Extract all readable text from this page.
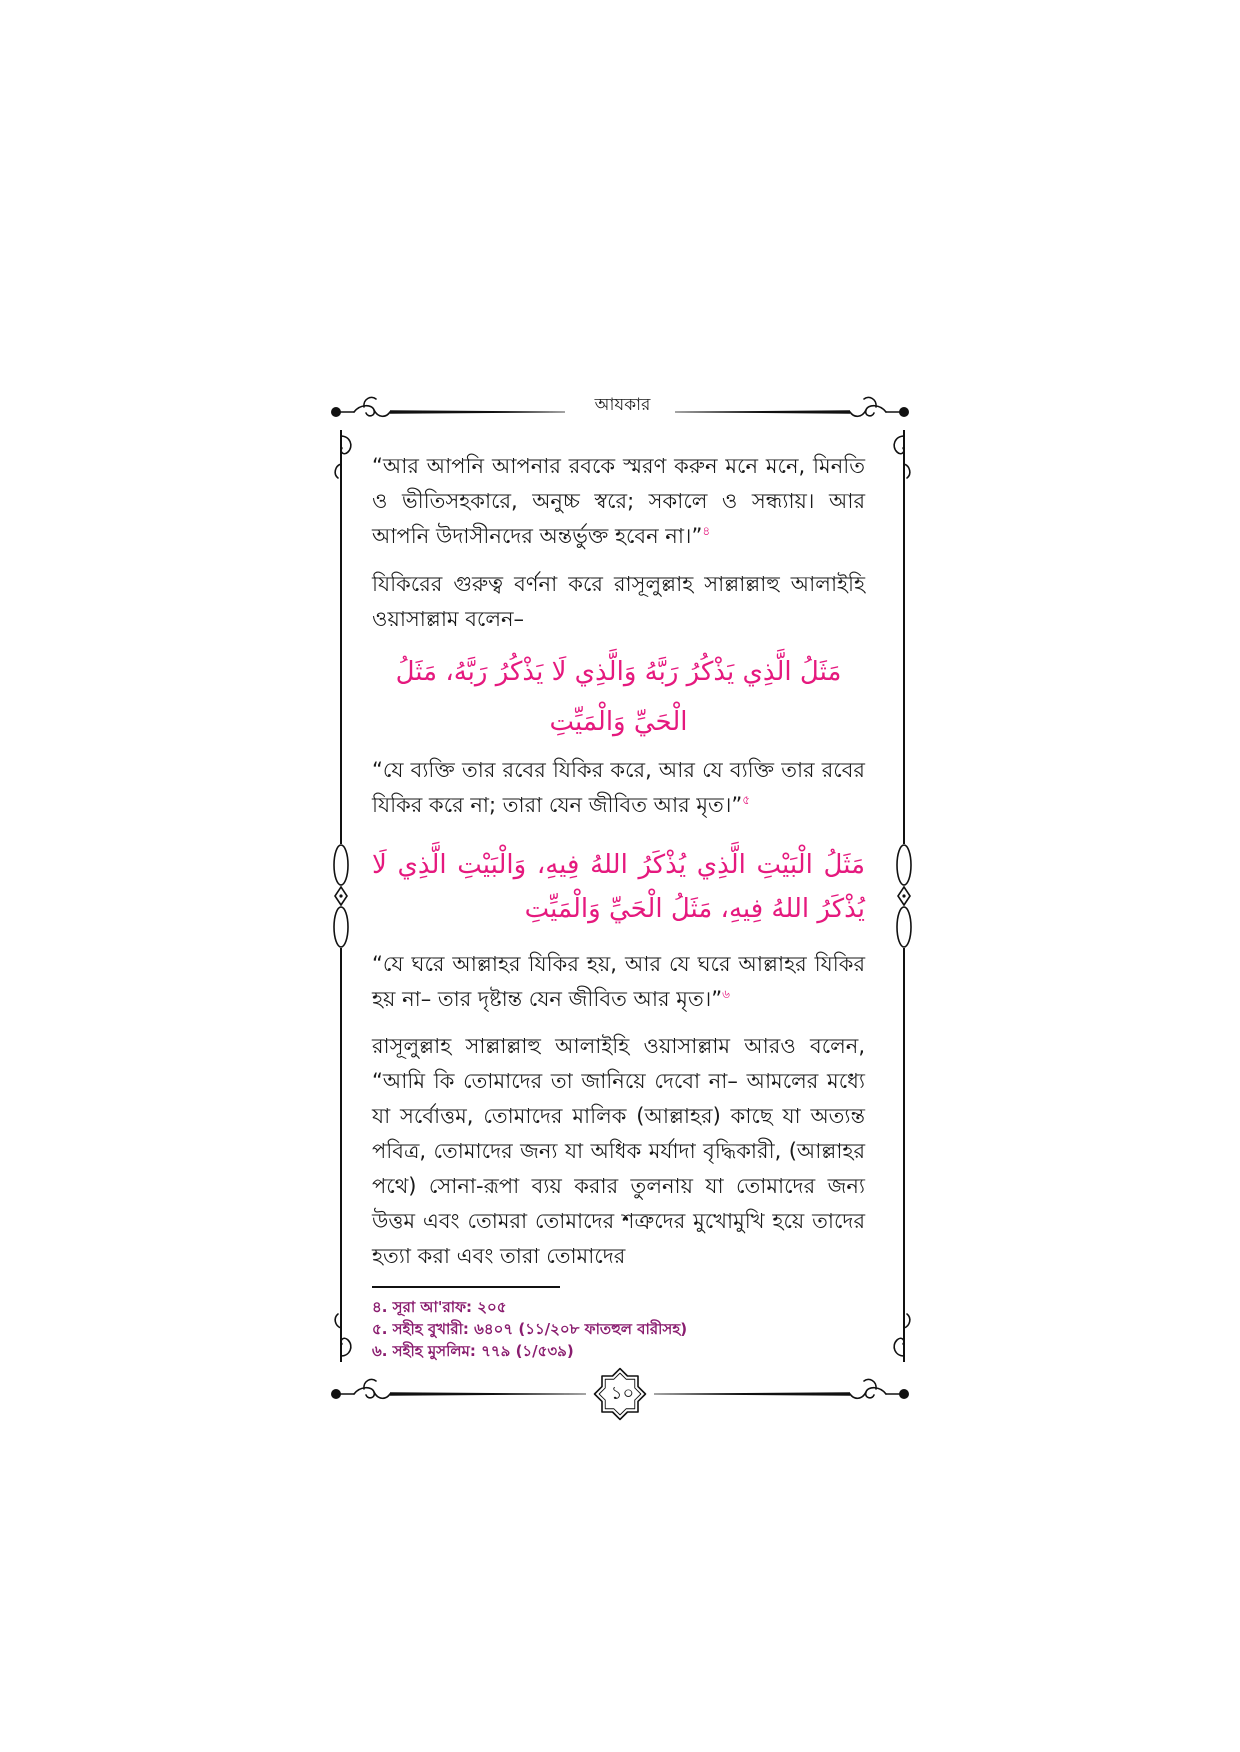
আযকার

“আর আপনি আপনার রবকে স্মরণ করুন মনে মনে, মিনতি ও ভীতিসহকারে, অনুচ্চ স্বরে; সকালে ও সন্ধ্যায়। আর আপনি উদাসীনদের অন্তর্ভুক্ত হবেন না।”$^৪$

যিকিরের গুরুত্ব বর্ণনা করে রাসূলুল্লাহ সাল্লাল্লাহু আলাইহি ওয়াসাল্লাম বলেন–

مَثَلُ الَّذِي يَذْكُرُ رَبَّهُ وَالَّذِي لَا يَذْكُرُ رَبَّهُ، مَثَلُ الْحَيِّ وَالْمَيِّتِ

“যে ব্যক্তি তার রবের যিকির করে, আর যে ব্যক্তি তার রবের যিকির করে না; তারা যেন জীবিত আর মৃত।”$^৫$

مَثَلُ الْبَيْتِ الَّذِي يُذْكَرُ اللهُ فِيهِ، وَالْبَيْتِ الَّذِي لَا يُذْكَرُ اللهُ فِيهِ، مَثَلُ الْحَيِّ وَالْمَيِّتِ

“যে ঘরে আল্লাহর যিকির হয়, আর যে ঘরে আল্লাহর যিকির হয় না– তার দৃষ্টান্ত যেন জীবিত আর মৃত।”$^৬$

রাসূলুল্লাহ সাল্লাল্লাহু আলাইহি ওয়াসাল্লাম আরও বলেন, “আমি কি তোমাদের তা জানিয়ে দেবো না– আমলের মধ্যে যা সর্বোত্তম, তোমাদের মালিক (আল্লাহর) কাছে যা অত্যন্ত পবিত্র, তোমাদের জন্য যা অধিক মর্যাদা বৃদ্ধিকারী, (আল্লাহর পথে) সোনা-রূপা ব্যয় করার তুলনায় যা তোমাদের জন্য উত্তম এবং তোমরা তোমাদের শত্রুদের মুখোমুখি হয়ে তাদের হত্যা করা এবং তারা তোমাদের

৪. সূরা আ'রাফ: ২০৫
৫. সহীহ বুখারী: ৬৪০৭ (১১/২০৮ ফাতহুল বারীসহ)
৬. সহীহ মুসলিম: ৭৭৯ (১/৫৩৯)
১০
